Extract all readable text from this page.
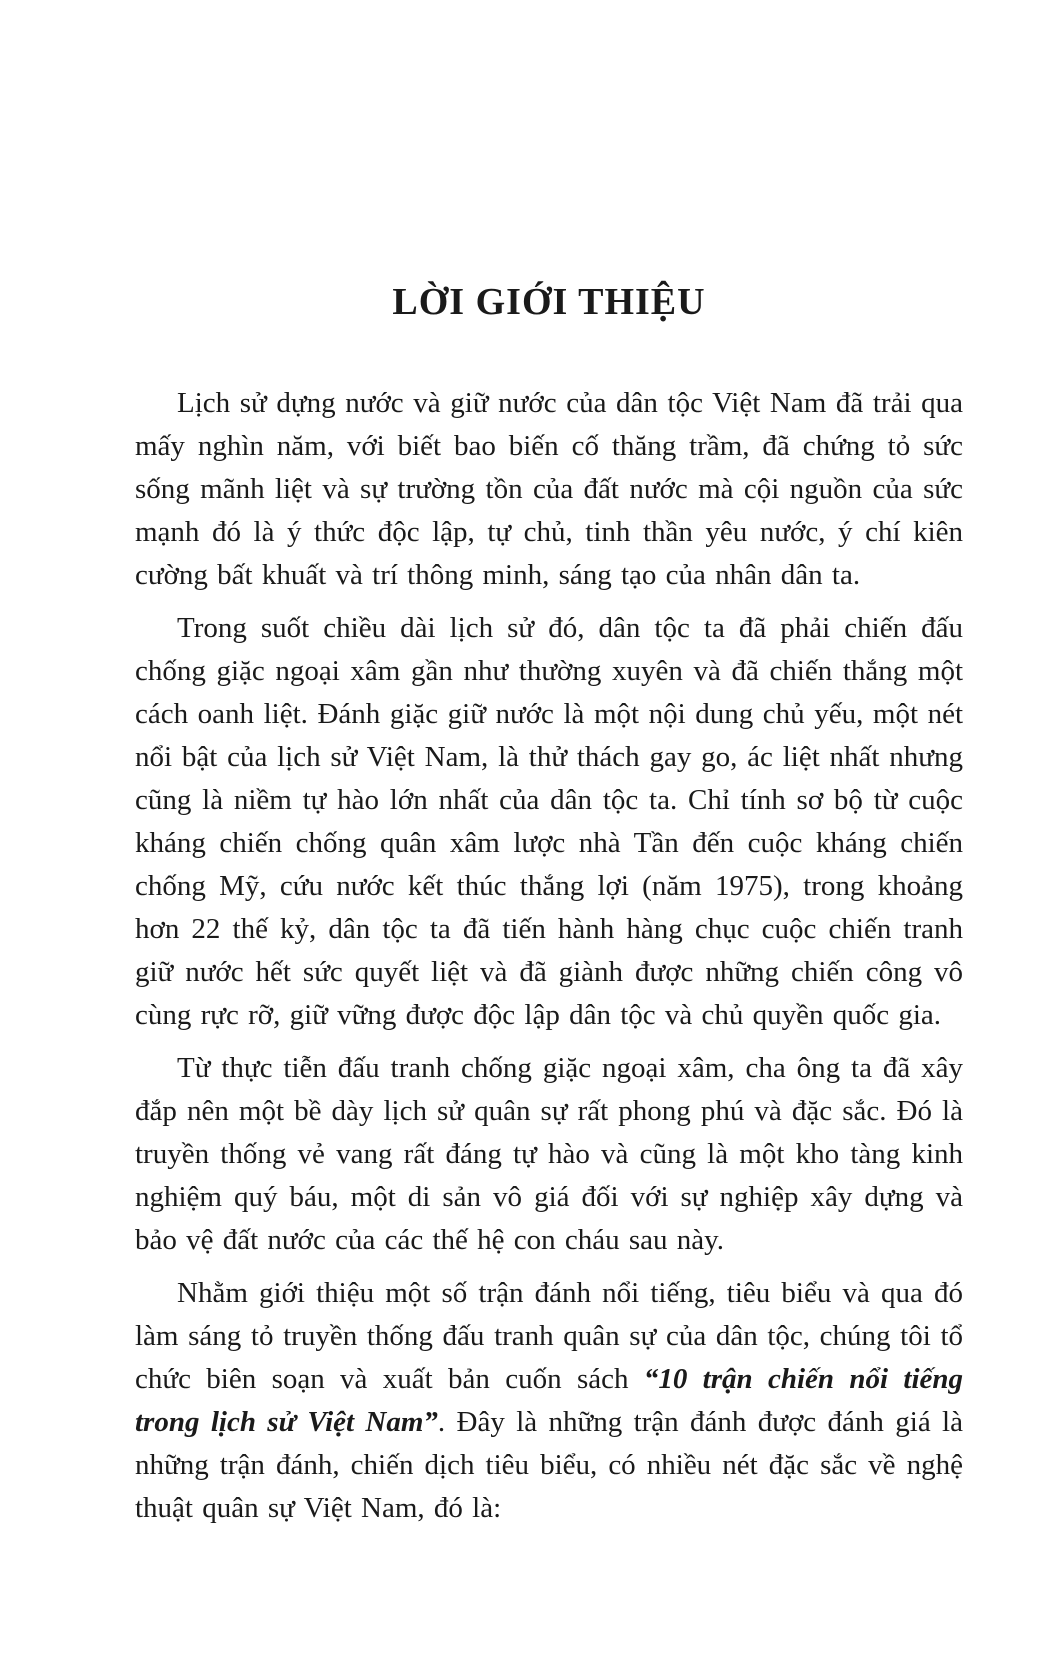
LỜI GIỚI THIỆU

Lịch sử dựng nước và giữ nước của dân tộc Việt Nam đã trải qua mấy nghìn năm, với biết bao biến cố thăng trầm, đã chứng tỏ sức sống mãnh liệt và sự trường tồn của đất nước mà cội nguồn của sức mạnh đó là ý thức độc lập, tự chủ, tinh thần yêu nước, ý chí kiên cường bất khuất và trí thông minh, sáng tạo của nhân dân ta.

Trong suốt chiều dài lịch sử đó, dân tộc ta đã phải chiến đấu chống giặc ngoại xâm gần như thường xuyên và đã chiến thắng một cách oanh liệt. Đánh giặc giữ nước là một nội dung chủ yếu, một nét nổi bật của lịch sử Việt Nam, là thử thách gay go, ác liệt nhất nhưng cũng là niềm tự hào lớn nhất của dân tộc ta. Chỉ tính sơ bộ từ cuộc kháng chiến chống quân xâm lược nhà Tần đến cuộc kháng chiến chống Mỹ, cứu nước kết thúc thắng lợi (năm 1975), trong khoảng hơn 22 thế kỷ, dân tộc ta đã tiến hành hàng chục cuộc chiến tranh giữ nước hết sức quyết liệt và đã giành được những chiến công vô cùng rực rỡ, giữ vững được độc lập dân tộc và chủ quyền quốc gia.

Từ thực tiễn đấu tranh chống giặc ngoại xâm, cha ông ta đã xây đắp nên một bề dày lịch sử quân sự rất phong phú và đặc sắc. Đó là truyền thống vẻ vang rất đáng tự hào và cũng là một kho tàng kinh nghiệm quý báu, một di sản vô giá đối với sự nghiệp xây dựng và bảo vệ đất nước của các thế hệ con cháu sau này.

Nhằm giới thiệu một số trận đánh nổi tiếng, tiêu biểu và qua đó làm sáng tỏ truyền thống đấu tranh quân sự của dân tộc, chúng tôi tổ chức biên soạn và xuất bản cuốn sách “10 trận chiến nổi tiếng trong lịch sử Việt Nam”. Đây là những trận đánh được đánh giá là những trận đánh, chiến dịch tiêu biểu, có nhiều nét đặc sắc về nghệ thuật quân sự Việt Nam, đó là:
